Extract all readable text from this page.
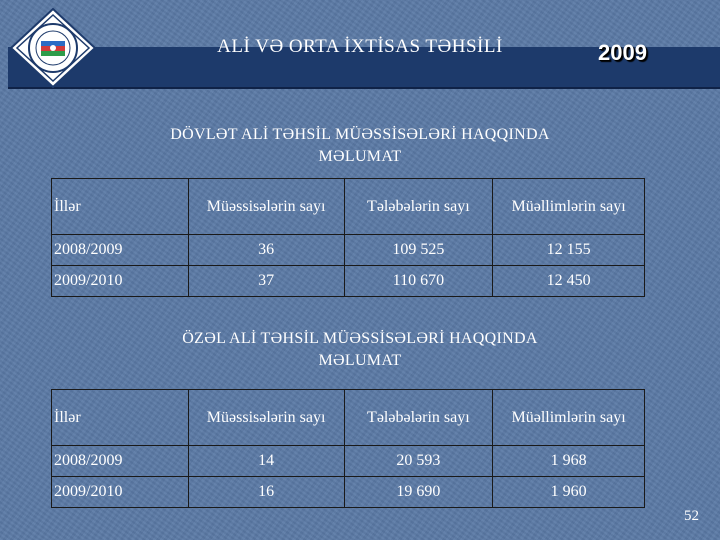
ALİ VƏ ORTA İXTİSAS TƏHSİLİ	2009
DÖVLƏT ALİ TƏHSİL MÜƏSSİSƏLƏRİ HAQQINDA
MƏLUMAT
İllər	Müəssisələrin sayı	Tələbələrin sayı	Müəllimlərin sayı
2008/2009	36	109 525	12 155
2009/2010	37	110 670	12 450
ÖZƏL ALİ TƏHSİL MÜƏSSİSƏLƏRİ HAQQINDA
MƏLUMAT
İllər	Müəssisələrin sayı	Tələbələrin sayı	Müəllimlərin sayı
2008/2009	14	20 593	1 968
2009/2010	16	19 690	1 960
52
